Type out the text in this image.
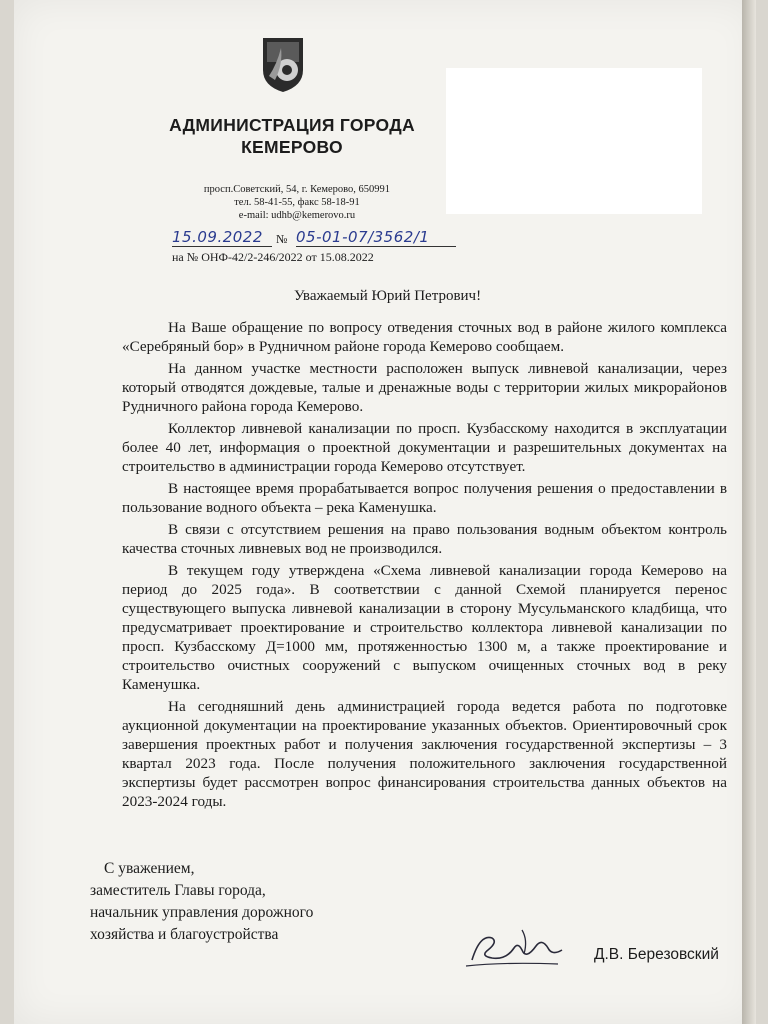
АДМИНИСТРАЦИЯ ГОРОДА
КЕМЕРОВО
просп.Советский, 54, г. Кемерово, 650991
тел. 58-41-55, факс 58-18-91
e-mail: udhb@kemerovo.ru
15.09.2022	№ 05-01-07/3562/1
на № ОНФ-42/2-246/2022 от 15.08.2022
Уважаемый Юрий Петрович!

На Ваше обращение по вопросу отведения сточных вод в районе жилого комплекса «Серебряный бор» в Рудничном районе города Кемерово сообщаем.

На данном участке местности расположен выпуск ливневой канализации, через который отводятся дождевые, талые и дренажные воды с территории жилых микрорайонов Рудничного района города Кемерово.

Коллектор ливневой канализации по просп. Кузбасскому находится в эксплуатации более 40 лет, информация о проектной документации и разрешительных документах на строительство в администрации города Кемерово отсутствует.

В настоящее время прорабатывается вопрос получения решения о предоставлении в пользование водного объекта – река Каменушка.

В связи с отсутствием решения на право пользования водным объектом контроль качества сточных ливневых вод не производился.

В текущем году утверждена «Схема ливневой канализации города Кемерово на период до 2025 года». В соответствии с данной Схемой планируется перенос существующего выпуска ливневой канализации в сторону Мусульманского кладбища, что предусматривает проектирование и строительство коллектора ливневой канализации по просп. Кузбасскому Д=1000 мм, протяженностью 1300 м, а также проектирование и строительство очистных сооружений с выпуском очищенных сточных вод в реку Каменушка.

На сегодняшний день администрацией города ведется работа по подготовке аукционной документации на проектирование указанных объектов. Ориентировочный срок завершения проектных работ и получения заключения государственной экспертизы – 3 квартал 2023 года. После получения положительного заключения государственной экспертизы будет рассмотрен вопрос финансирования строительства данных объектов на 2023-2024 годы.

С уважением,
заместитель Главы города,
начальник управления дорожного
хозяйства и благоустройства
Д.В. Березовский
